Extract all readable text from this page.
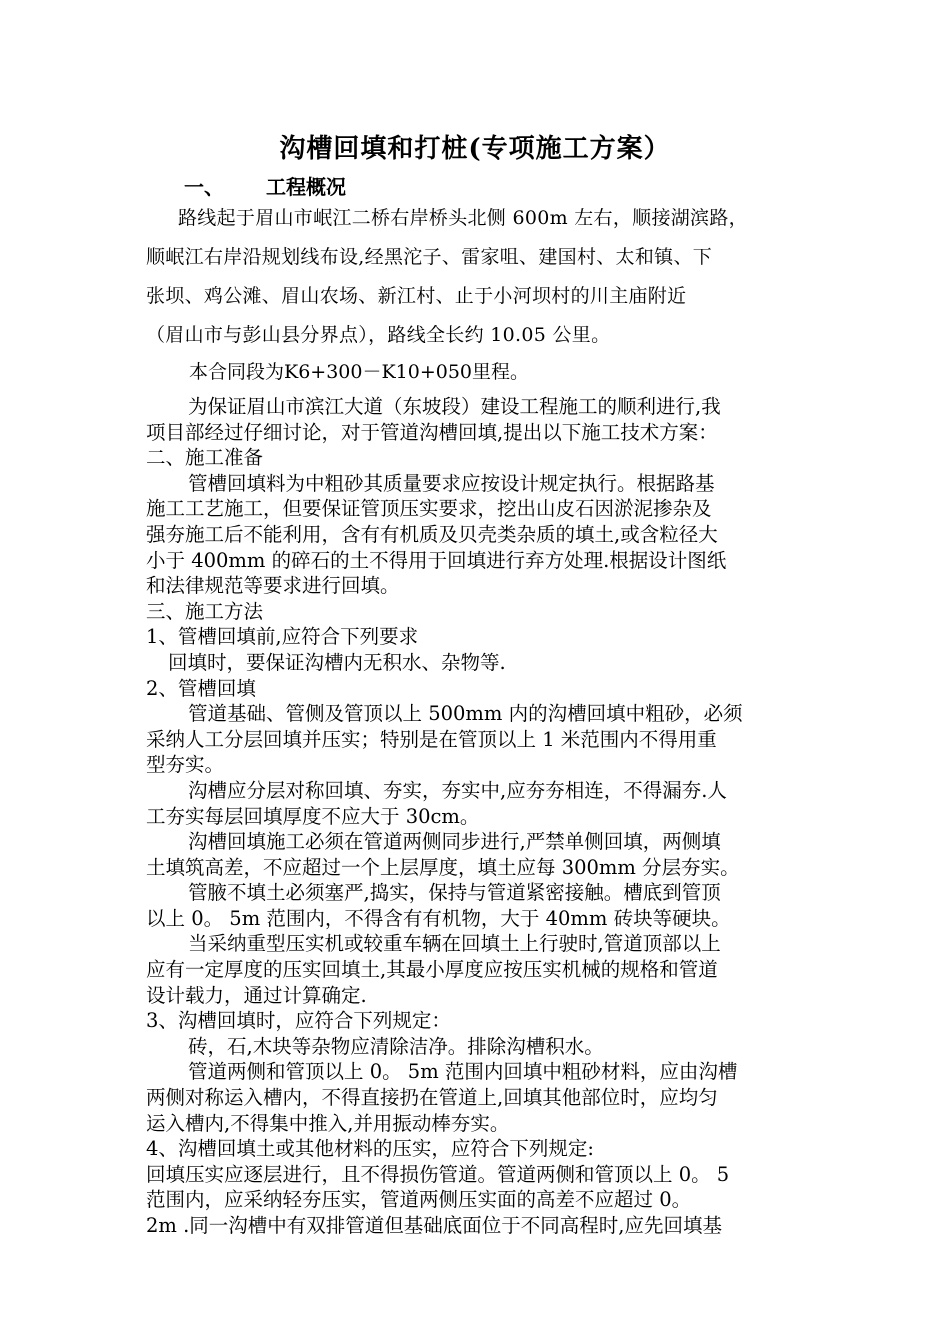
沟槽回填和打桩(专项施工方案）
一、 工程概况

路线起于眉山市岷江二桥右岸桥头北侧 600m 左右，顺接湖滨路，

顺岷江右岸沿规划线布设,经黑沱子、雷家咀、建国村、太和镇、下

张坝、鸡公滩、眉山农场、新江村、止于小河坝村的川主庙附近

（眉山市与彭山县分界点），路线全长约 10.05 公里。

本合同段为K6+300－K10+050里程。

为保证眉山市滨江大道（东坡段）建设工程施工的顺利进行,我

项目部经过仔细讨论，对于管道沟槽回填,提出以下施工技术方案：

二、施工准备

管槽回填料为中粗砂其质量要求应按设计规定执行。根据路基

施工工艺施工，但要保证管顶压实要求，挖出山皮石因淤泥掺杂及

强夯施工后不能利用，含有有机质及贝壳类杂质的填土,或含粒径大

小于 400mm 的碎石的土不得用于回填进行弃方处理.根据设计图纸

和法律规范等要求进行回填。

三、施工方法

1、管槽回填前,应符合下列要求

回填时，要保证沟槽内无积水、杂物等.

2、管槽回填

管道基础、管侧及管顶以上 500mm 内的沟槽回填中粗砂，必须

采纳人工分层回填并压实；特别是在管顶以上 1 米范围内不得用重

型夯实。

沟槽应分层对称回填、夯实，夯实中,应夯夯相连，不得漏夯.人

工夯实每层回填厚度不应大于 30cm。

沟槽回填施工必须在管道两侧同步进行,严禁单侧回填，两侧填

土填筑高差，不应超过一个上层厚度，填土应每 300mm 分层夯实。

管腋不填土必须塞严,捣实，保持与管道紧密接触。槽底到管顶

以上 0。 5m 范围内，不得含有有机物，大于 40mm 砖块等硬块。

当采纳重型压实机或较重车辆在回填土上行驶时,管道顶部以上

应有一定厚度的压实回填土,其最小厚度应按压实机械的规格和管道

设计载力，通过计算确定.

3、沟槽回填时，应符合下列规定：

砖，石,木块等杂物应清除洁净。排除沟槽积水。

管道两侧和管顶以上 0。 5m 范围内回填中粗砂材料，应由沟槽

两侧对称运入槽内，不得直接扔在管道上,回填其他部位时，应均匀

运入槽内,不得集中推入,并用振动棒夯实。

4、沟槽回填土或其他材料的压实，应符合下列规定:

回填压实应逐层进行，且不得损伤管道。管道两侧和管顶以上 0。 5

范围内，应采纳轻夯压实，管道两侧压实面的高差不应超过 0。

2m .同一沟槽中有双排管道但基础底面位于不同高程时,应先回填基
